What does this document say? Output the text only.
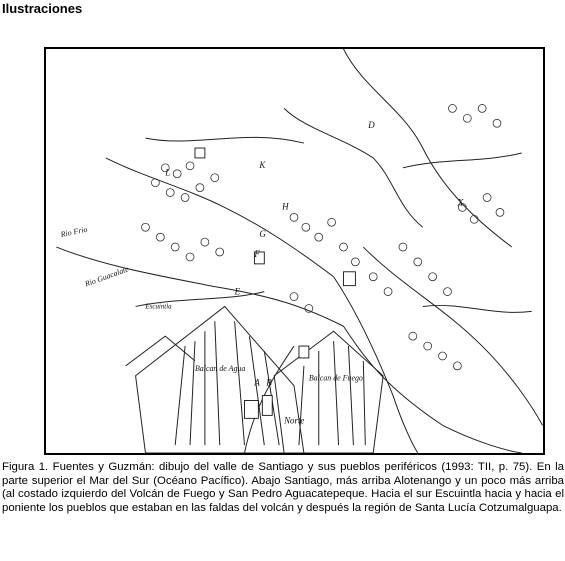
Ilustraciones
Rio Frio
Rio Guacalate
Escuintla
Balcan de Agua
Balcan de Fuego
Norte
A B
E
F
G
H
K
L
X
D
Figura 1. Fuentes y Guzmán: dibujo del valle de Santiago y sus pueblos periféricos (1993: TII, p. 75). En la parte superior el Mar del Sur (Océano Pacífico). Abajo Santiago, más arriba Alotenango y un poco más arriba (al costado izquierdo del Volcán de Fuego y San Pedro Aguacatepeque. Hacia el sur Escuintla hacia y hacia el poniente los pueblos que estaban en las faldas del volcán y después la región de Santa Lucía Cotzumalguapa.
